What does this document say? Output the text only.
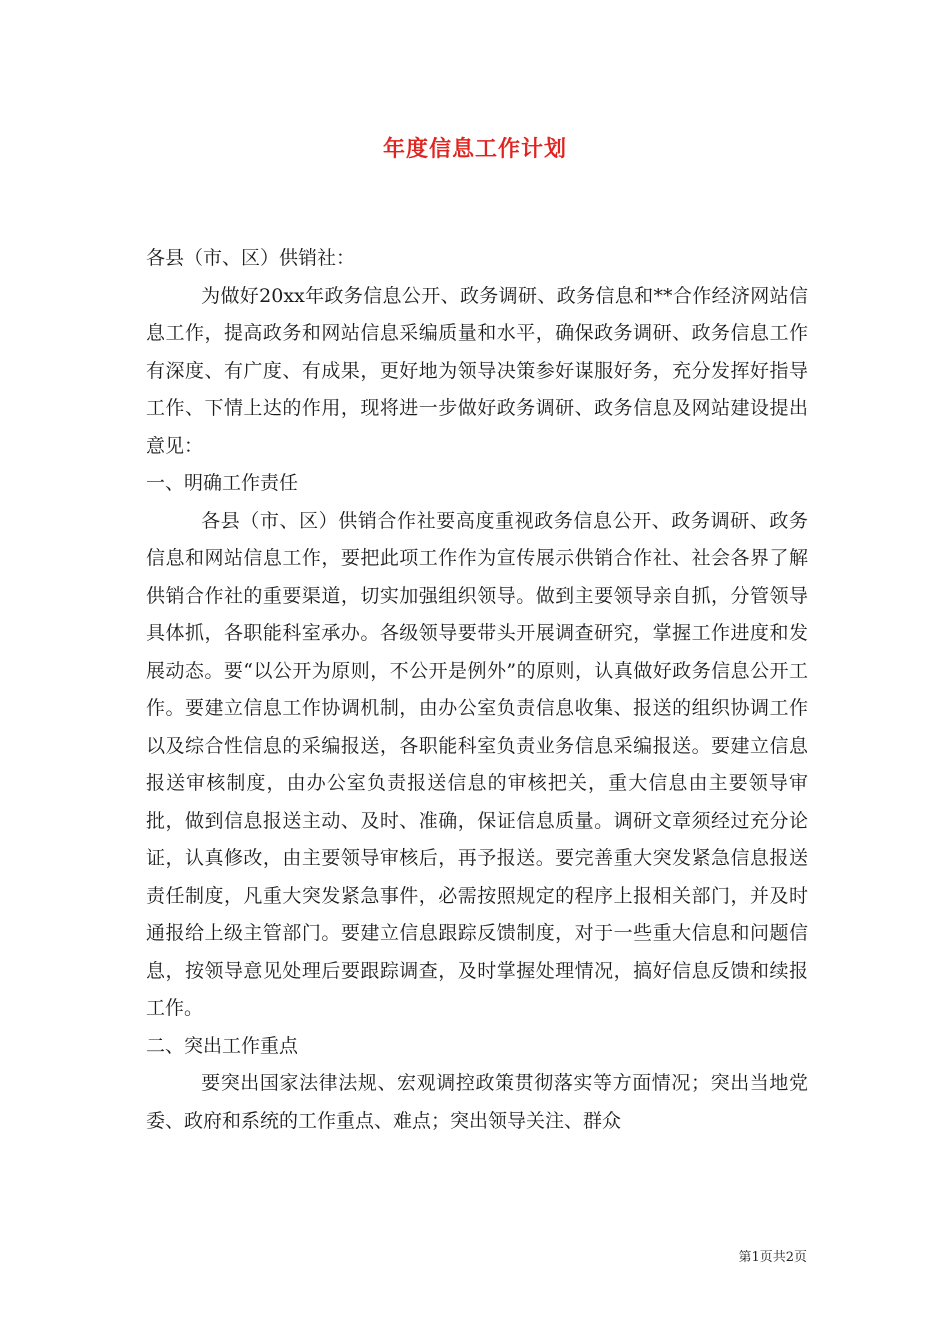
年度信息工作计划

各县（市、区）供销社：

为做好20xx年政务信息公开、政务调研、政务信息和**合作经济网站信息工作，提高政务和网站信息采编质量和水平，确保政务调研、政务信息工作有深度、有广度、有成果，更好地为领导决策参好谋服好务，充分发挥好指导工作、下情上达的作用，现将进一步做好政务调研、政务信息及网站建设提出意见：

一、明确工作责任

各县（市、区）供销合作社要高度重视政务信息公开、政务调研、政务信息和网站信息工作，要把此项工作作为宣传展示供销合作社、社会各界了解供销合作社的重要渠道，切实加强组织领导。做到主要领导亲自抓，分管领导具体抓，各职能科室承办。各级领导要带头开展调查研究，掌握工作进度和发展动态。要“以公开为原则，不公开是例外”的原则，认真做好政务信息公开工作。要建立信息工作协调机制，由办公室负责信息收集、报送的组织协调工作以及综合性信息的采编报送，各职能科室负责业务信息采编报送。要建立信息报送审核制度，由办公室负责报送信息的审核把关，重大信息由主要领导审批，做到信息报送主动、及时、准确，保证信息质量。调研文章须经过充分论证，认真修改，由主要领导审核后，再予报送。要完善重大突发紧急信息报送责任制度，凡重大突发紧急事件，必需按照规定的程序上报相关部门，并及时通报给上级主管部门。要建立信息跟踪反馈制度，对于一些重大信息和问题信息，按领导意见处理后要跟踪调查，及时掌握处理情况，搞好信息反馈和续报工作。

二、突出工作重点

要突出国家法律法规、宏观调控政策贯彻落实等方面情况；突出当地党委、政府和系统的工作重点、难点；突出领导关注、群众

第1页共2页
